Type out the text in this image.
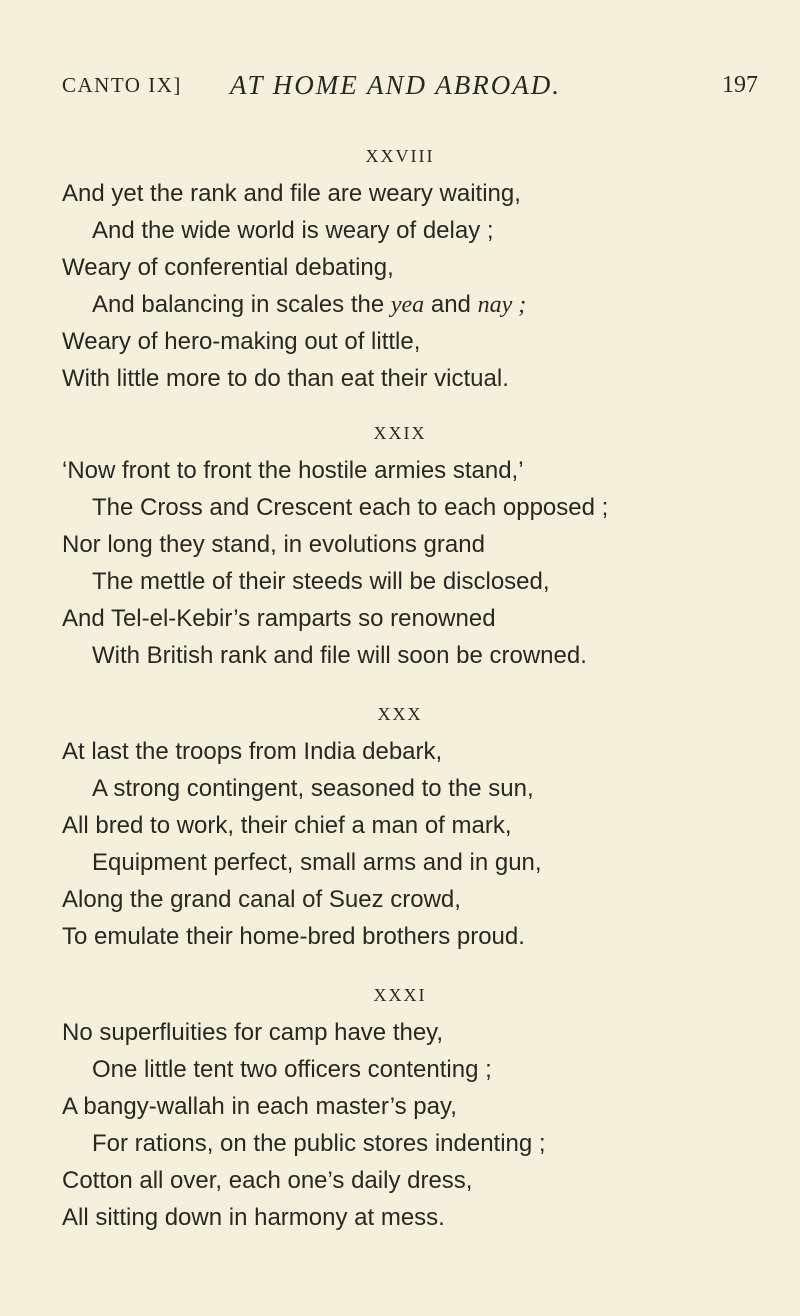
CANTO IX] AT HOME AND ABROAD.	197
XXVIII
And yet the rank and file are weary waiting,
And the wide world is weary of delay ;
Weary of conferential debating,
And balancing in scales the yea and nay ;
Weary of hero-making out of little,
With little more to do than eat their victual.
XXIX
‘Now front to front the hostile armies stand,’
The Cross and Crescent each to each opposed ;
Nor long they stand, in evolutions grand
The mettle of their steeds will be disclosed,
And Tel-el-Kebir’s ramparts so renowned
With British rank and file will soon be crowned.
XXX
At last the troops from India debark,
A strong contingent, seasoned to the sun,
All bred to work, their chief a man of mark,
Equipment perfect, small arms and in gun,
Along the grand canal of Suez crowd,
To emulate their home-bred brothers proud.
XXXI
No superfluities for camp have they,
One little tent two officers contenting ;
A bangy-wallah in each master’s pay,
For rations, on the public stores indenting ;
Cotton all over, each one’s daily dress,
All sitting down in harmony at mess.
